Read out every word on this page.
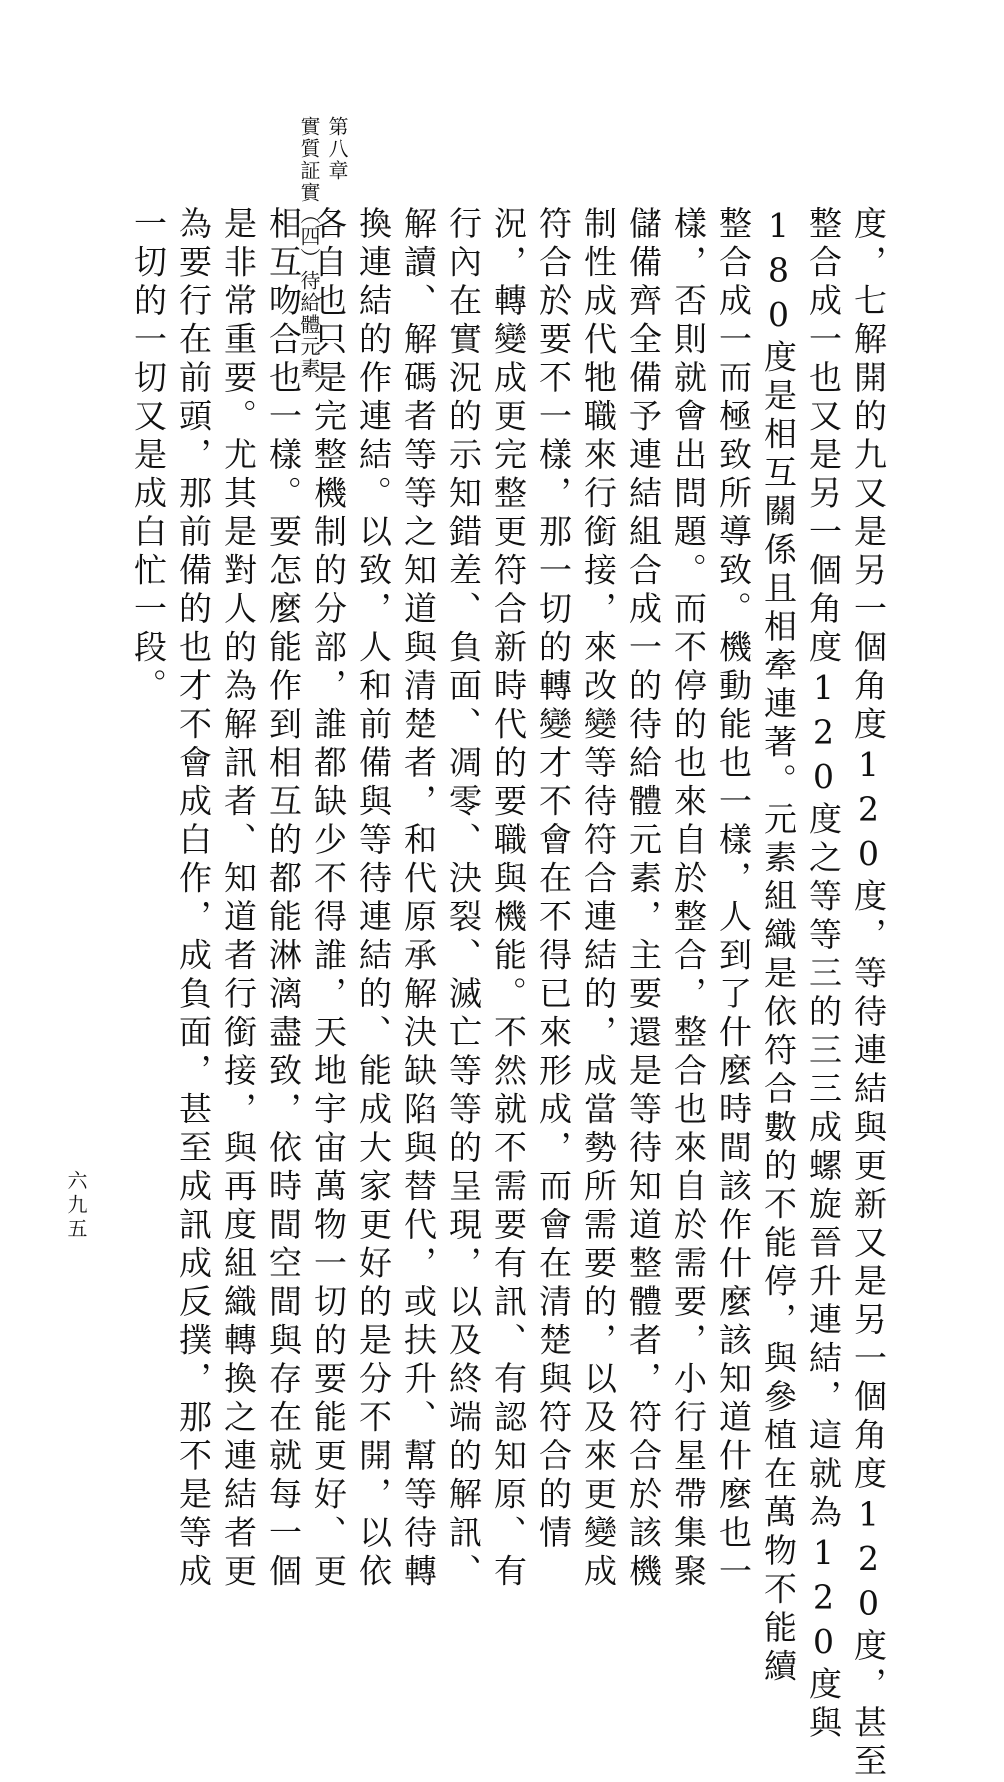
第八章
實質証實（四）待給體元素	度，七解開的九又是另一個角度120度，等待連結與更新又是另一個角度120度，甚至
整合成一也又是另一個角度120度之等等三的三三成螺旋晉升連結，這就為120度與
180度是相互關係且相牽連著。元素組織是依符合數的不能停，與參植在萬物不能續
整合成一而極致所導致。機動能也一樣，人到了什麼時間該作什麼該知道什麼也一
樣，否則就會出問題。而不停的也來自於整合，整合也來自於需要，小行星帶集聚
儲備齊全備予連結組合成一的待給體元素，主要還是等待知道整體者，符合於該機
制性成代牠職來行銜接，來改變等待符合連結的，成當勢所需要的，以及來更變成
符合於要不一樣，那一切的轉變才不會在不得已來形成，而會在清楚與符合的情
況，轉變成更完整更符合新時代的要職與機能。不然就不需要有訊、有認知原、有
行內在實況的示知錯差、負面、凋零、決裂、滅亡等等的呈現，以及終端的解訊、
解讀、解碼者等等之知道與清楚者，和代原承解決缺陷與替代，或扶升、幫等待轉
換連結的作連結。以致，人和前備與等待連結的、能成大家更好的是分不開，以依
各自也只是完整機制的分部，誰都缺少不得誰，天地宇宙萬物一切的要能更好、更
相互吻合也一樣。要怎麼能作到相互的都能淋漓盡致，依時間空間與存在就每一個
是非常重要。尤其是對人的為解訊者、知道者行銜接，與再度組織轉換之連結者更
為要行在前頭，那前備的也才不會成白作，成負面，甚至成訊成反撲，那不是等成
一切的一切又是成白忙一段。
六九五
